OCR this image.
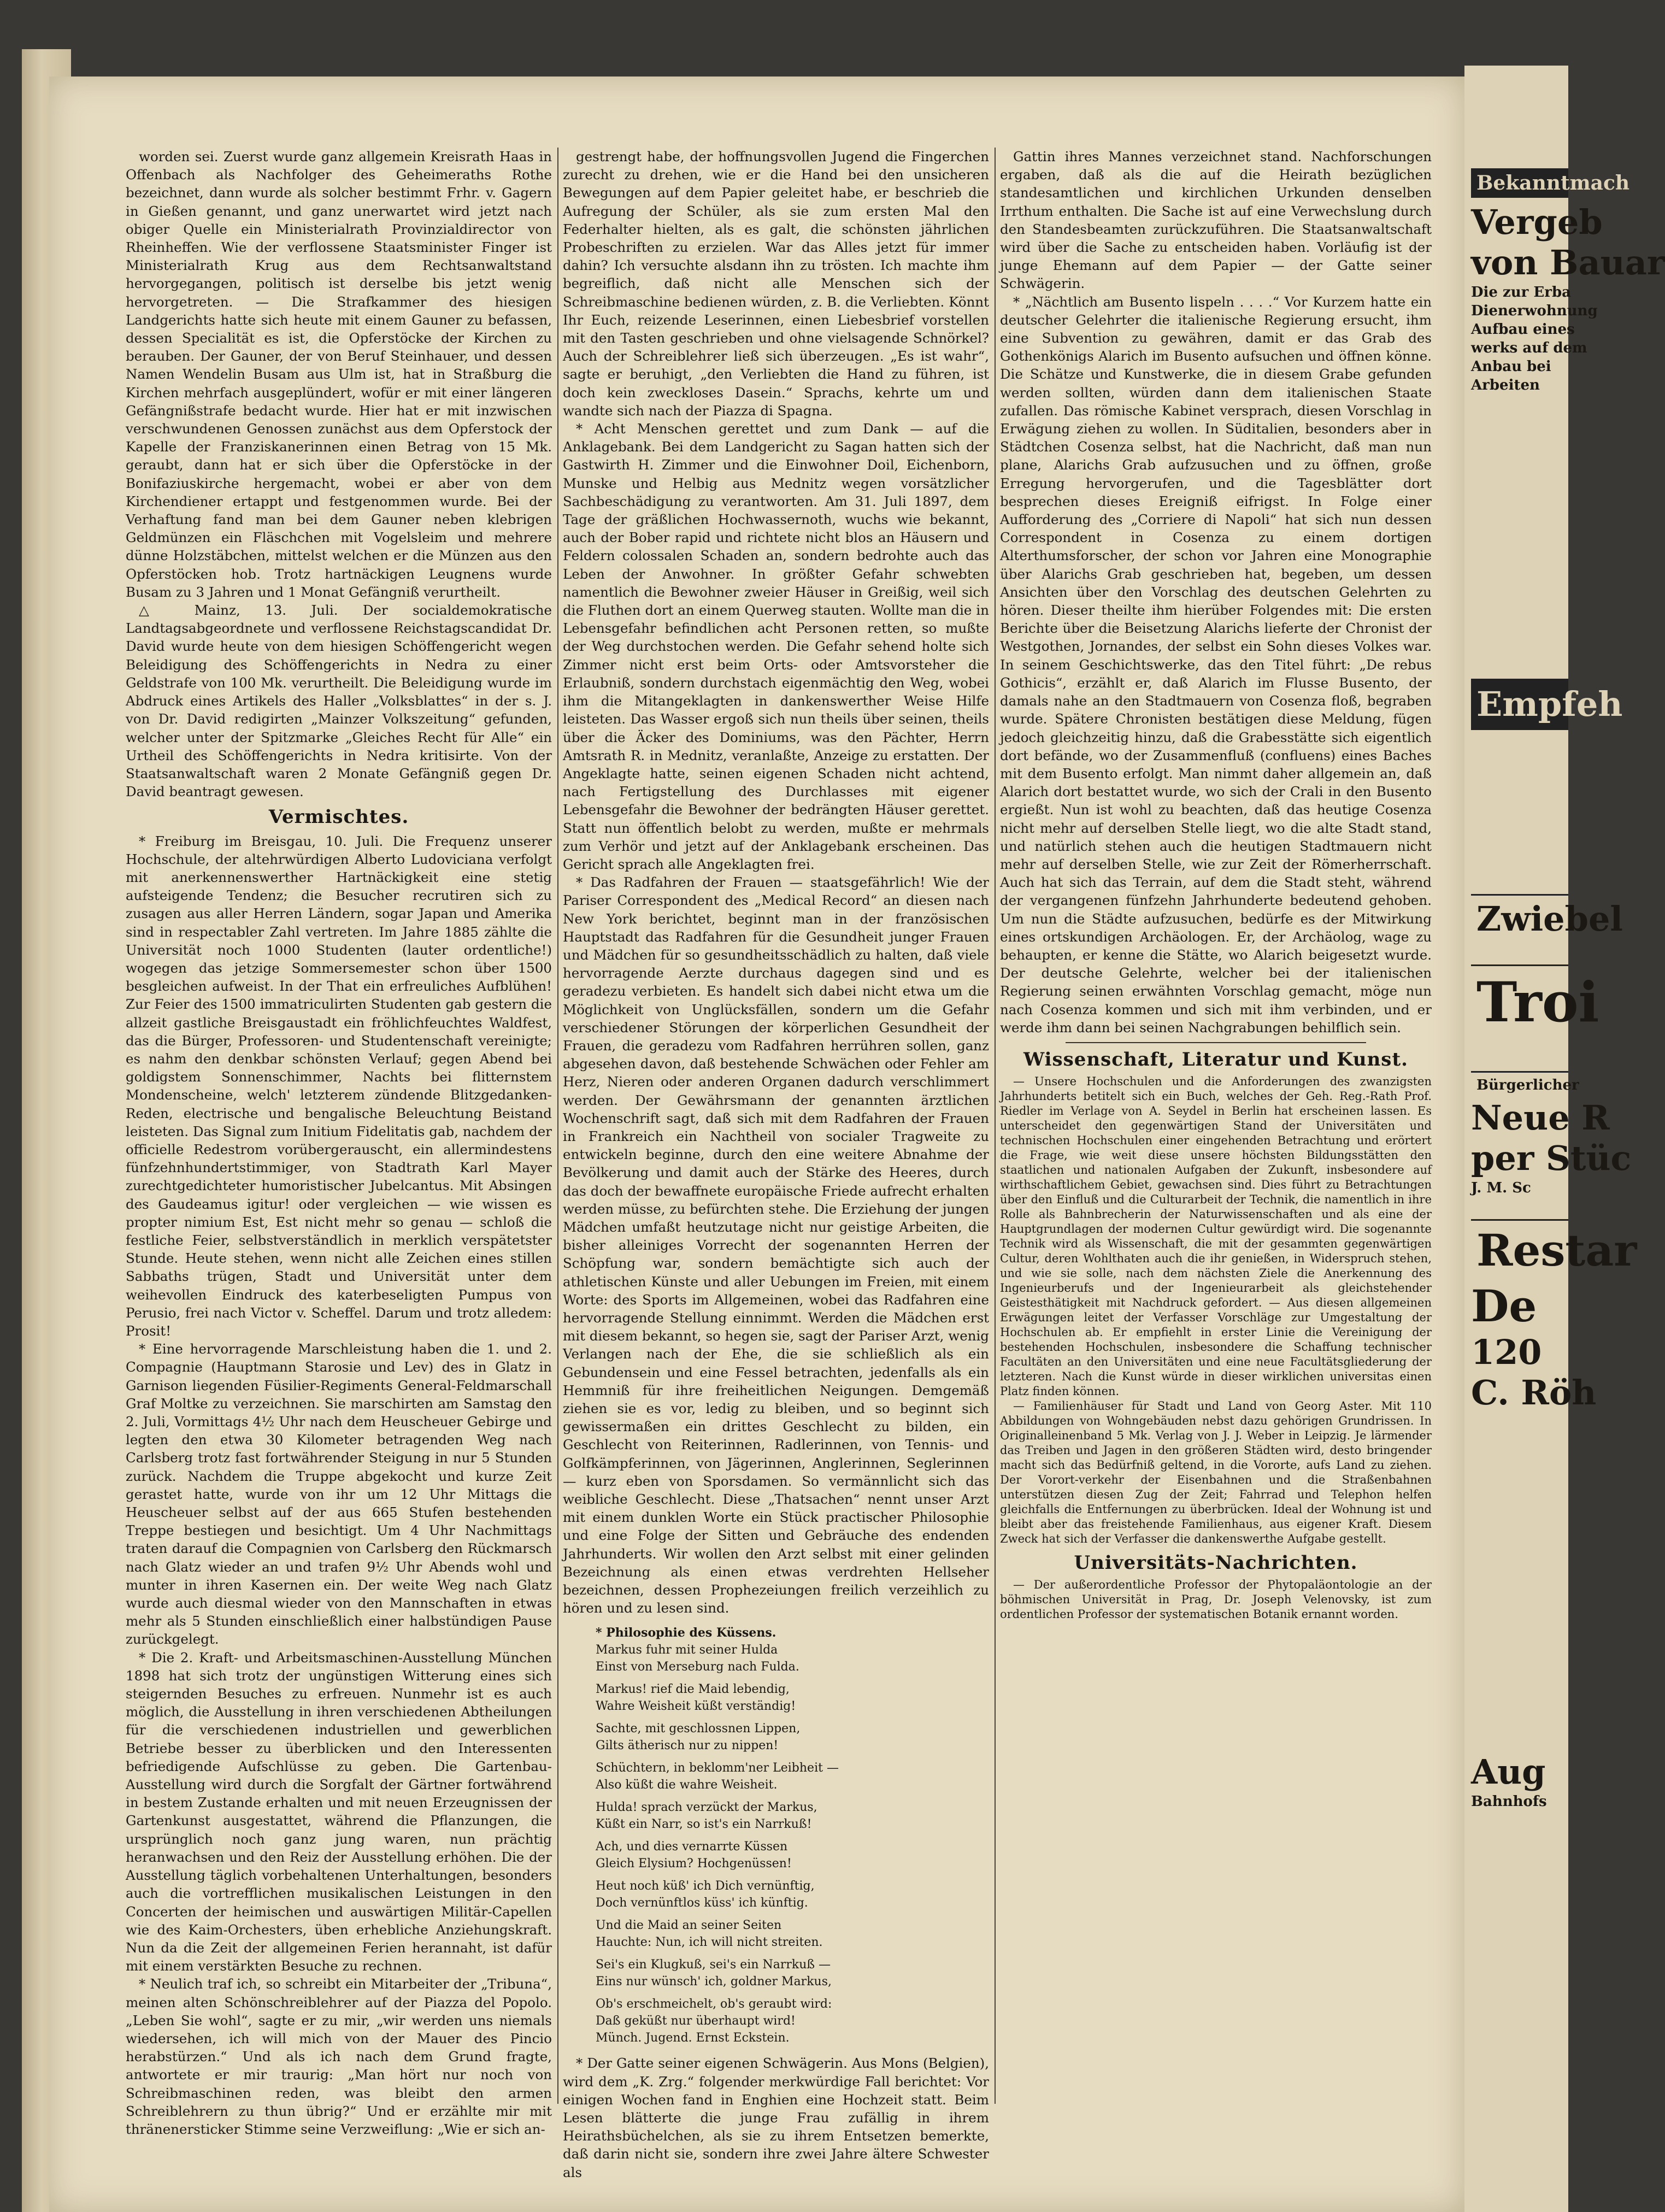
worden sei. Zuerst wurde ganz allgemein Kreisrath Haas in Offenbach als Nachfolger des Geheimeraths Rothe bezeichnet, dann wurde als solcher bestimmt Frhr. v. Gagern in Gießen genannt, und ganz unerwartet wird jetzt nach obiger Quelle ein Ministerialrath Provinzialdirector von Rheinheffen. Wie der verflossene Staatsminister Finger ist Ministerialrath Krug aus dem Rechtsanwaltstand hervorgegangen, politisch ist derselbe bis jetzt wenig hervorgetreten. — Die Strafkammer des hiesigen Landgerichts hatte sich heute mit einem Gauner zu befassen, dessen Specialität es ist, die Opferstöcke der Kirchen zu berauben. Der Gauner, der von Beruf Steinhauer, und dessen Namen Wendelin Busam aus Ulm ist, hat in Straßburg die Kirchen mehrfach ausgeplündert, wofür er mit einer längeren Gefängnißstrafe bedacht wurde. Hier hat er mit inzwischen verschwundenen Genossen zunächst aus dem Opferstock der Kapelle der Franziskanerinnen einen Betrag von 15 Mk. geraubt, dann hat er sich über die Opferstöcke in der Bonifaziuskirche hergemacht, wobei er aber von dem Kirchendiener ertappt und festgenommen wurde. Bei der Verhaftung fand man bei dem Gauner neben klebrigen Geldmünzen ein Fläschchen mit Vogelsleim und mehrere dünne Holzstäbchen, mittelst welchen er die Münzen aus den Opferstöcken hob. Trotz hartnäckigen Leugnens wurde Busam zu 3 Jahren und 1 Monat Gefängniß verurtheilt.

△ Mainz, 13. Juli. Der socialdemokratische Landtagsabgeordnete und verflossene Reichstagscandidat Dr. David wurde heute von dem hiesigen Schöffengericht wegen Beleidigung des Schöffengerichts in Nedra zu einer Geldstrafe von 100 Mk. verurtheilt. Die Beleidigung wurde im Abdruck eines Artikels des Haller „Volksblattes“ in der s. J. von Dr. David redigirten „Mainzer Volkszeitung“ gefunden, welcher unter der Spitzmarke „Gleiches Recht für Alle“ ein Urtheil des Schöffengerichts in Nedra kritisirte. Von der Staatsanwaltschaft waren 2 Monate Gefängniß gegen Dr. David beantragt gewesen.

Vermischtes.

* Freiburg im Breisgau, 10. Juli. Die Frequenz unserer Hochschule, der altehrwürdigen Alberto Ludoviciana verfolgt mit anerkennenswerther Hartnäckigkeit eine stetig aufsteigende Tendenz; die Besucher recrutiren sich zu zusagen aus aller Herren Ländern, sogar Japan und Amerika sind in respectabler Zahl vertreten. Im Jahre 1885 zählte die Universität noch 1000 Studenten (lauter ordentliche!) wogegen das jetzige Sommersemester schon über 1500 besgleichen aufweist. In der That ein erfreuliches Aufblühen! Zur Feier des 1500 immatriculirten Studenten gab gestern die allzeit gastliche Breisgaustadt ein fröhlichfeuchtes Waldfest, das die Bürger, Professoren- und Studentenschaft vereinigte; es nahm den denkbar schönsten Verlauf; gegen Abend bei goldigstem Sonnenschimmer, Nachts bei flitternstem Mondenscheine, welch' letzterem zündende Blitzgedanken-Reden, electrische und bengalische Beleuchtung Beistand leisteten. Das Signal zum Initium Fidelitatis gab, nachdem der officielle Redestrom vorübergerauscht, ein allermindestens fünfzehnhundertstimmiger, von Stadtrath Karl Mayer zurechtgedichteter humoristischer Jubelcantus. Mit Absingen des Gaudeamus igitur! oder vergleichen — wie wissen es propter nimium Est, Est nicht mehr so genau — schloß die festliche Feier, selbstverständlich in merklich verspätetster Stunde. Heute stehen, wenn nicht alle Zeichen eines stillen Sabbaths trügen, Stadt und Universität unter dem weihevollen Eindruck des katerbeseligten Pumpus von Perusio, frei nach Victor v. Scheffel. Darum und trotz alledem: Prosit!

* Eine hervorragende Marschleistung haben die 1. und 2. Compagnie (Hauptmann Starosie und Lev) des in Glatz in Garnison liegenden Füsilier-Regiments General-Feldmarschall Graf Moltke zu verzeichnen. Sie marschirten am Samstag den 2. Juli, Vormittags 4½ Uhr nach dem Heuscheuer Gebirge und legten den etwa 30 Kilometer betragenden Weg nach Carlsberg trotz fast fortwährender Steigung in nur 5 Stunden zurück. Nachdem die Truppe abgekocht und kurze Zeit gerastet hatte, wurde von ihr um 12 Uhr Mittags die Heuscheuer selbst auf der aus 665 Stufen bestehenden Treppe bestiegen und besichtigt. Um 4 Uhr Nachmittags traten darauf die Compagnien von Carlsberg den Rückmarsch nach Glatz wieder an und trafen 9½ Uhr Abends wohl und munter in ihren Kasernen ein. Der weite Weg nach Glatz wurde auch diesmal wieder von den Mannschaften in etwas mehr als 5 Stunden einschließlich einer halbstündigen Pause zurückgelegt.

* Die 2. Kraft- und Arbeitsmaschinen-Ausstellung München 1898 hat sich trotz der ungünstigen Witterung eines sich steigernden Besuches zu erfreuen. Nunmehr ist es auch möglich, die Ausstellung in ihren verschiedenen Abtheilungen für die verschiedenen industriellen und gewerblichen Betriebe besser zu überblicken und den Interessenten befriedigende Aufschlüsse zu geben. Die Gartenbau-Ausstellung wird durch die Sorgfalt der Gärtner fortwährend in bestem Zustande erhalten und mit neuen Erzeugnissen der Gartenkunst ausgestattet, während die Pflanzungen, die ursprünglich noch ganz jung waren, nun prächtig heranwachsen und den Reiz der Ausstellung erhöhen. Die der Ausstellung täglich vorbehaltenen Unterhaltungen, besonders auch die vortrefflichen musikalischen Leistungen in den Concerten der heimischen und auswärtigen Militär-Capellen wie des Kaim-Orchesters, üben erhebliche Anziehungskraft. Nun da die Zeit der allgemeinen Ferien herannaht, ist dafür mit einem verstärkten Besuche zu rechnen.

* Neulich traf ich, so schreibt ein Mitarbeiter der „Tribuna“, meinen alten Schönschreiblehrer auf der Piazza del Popolo. „Leben Sie wohl“, sagte er zu mir, „wir werden uns niemals wiedersehen, ich will mich von der Mauer des Pincio herabstürzen.“ Und als ich nach dem Grund fragte, antwortete er mir traurig: „Man hört nur noch von Schreibmaschinen reden, was bleibt den armen Schreiblehrern zu thun übrig?“ Und er erzählte mir mit thränenersticker Stimme seine Verzweiflung: „Wie er sich an-

gestrengt habe, der hoffnungsvollen Jugend die Fingerchen zurecht zu drehen, wie er die Hand bei den unsicheren Bewegungen auf dem Papier geleitet habe, er beschrieb die Aufregung der Schüler, als sie zum ersten Mal den Federhalter hielten, als es galt, die schönsten jährlichen Probeschriften zu erzielen. War das Alles jetzt für immer dahin? Ich versuchte alsdann ihn zu trösten. Ich machte ihm begreiflich, daß nicht alle Menschen sich der Schreibmaschine bedienen würden, z. B. die Verliebten. Könnt Ihr Euch, reizende Leserinnen, einen Liebesbrief vorstellen mit den Tasten geschrieben und ohne vielsagende Schnörkel? Auch der Schreiblehrer ließ sich überzeugen. „Es ist wahr“, sagte er beruhigt, „den Verliebten die Hand zu führen, ist doch kein zweckloses Dasein.“ Sprachs, kehrte um und wandte sich nach der Piazza di Spagna.

* Acht Menschen gerettet und zum Dank — auf die Anklagebank. Bei dem Landgericht zu Sagan hatten sich der Gastwirth H. Zimmer und die Einwohner Doil, Eichenborn, Munske und Helbig aus Mednitz wegen vorsätzlicher Sachbeschädigung zu verantworten. Am 31. Juli 1897, dem Tage der gräßlichen Hochwassernoth, wuchs wie bekannt, auch der Bober rapid und richtete nicht blos an Häusern und Feldern colossalen Schaden an, sondern bedrohte auch das Leben der Anwohner. In größter Gefahr schwebten namentlich die Bewohner zweier Häuser in Greißig, weil sich die Fluthen dort an einem Querweg stauten. Wollte man die in Lebensgefahr befindlichen acht Personen retten, so mußte der Weg durchstochen werden. Die Gefahr sehend holte sich Zimmer nicht erst beim Orts- oder Amtsvorsteher die Erlaubniß, sondern durchstach eigenmächtig den Weg, wobei ihm die Mitangeklagten in dankenswerther Weise Hilfe leisteten. Das Wasser ergoß sich nun theils über seinen, theils über die Äcker des Dominiums, was den Pächter, Herrn Amtsrath R. in Mednitz, veranlaßte, Anzeige zu erstatten. Der Angeklagte hatte, seinen eigenen Schaden nicht achtend, nach Fertigstellung des Durchlasses mit eigener Lebensgefahr die Bewohner der bedrängten Häuser gerettet. Statt nun öffentlich belobt zu werden, mußte er mehrmals zum Verhör und jetzt auf der Anklagebank erscheinen. Das Gericht sprach alle Angeklagten frei.

* Das Radfahren der Frauen — staatsgefährlich! Wie der Pariser Correspondent des „Medical Record“ an diesen nach New York berichtet, beginnt man in der französischen Hauptstadt das Radfahren für die Gesundheit junger Frauen und Mädchen für so gesundheitsschädlich zu halten, daß viele hervorragende Aerzte durchaus dagegen sind und es geradezu verbieten. Es handelt sich dabei nicht etwa um die Möglichkeit von Unglücksfällen, sondern um die Gefahr verschiedener Störungen der körperlichen Gesundheit der Frauen, die geradezu vom Radfahren herrühren sollen, ganz abgesehen davon, daß bestehende Schwächen oder Fehler am Herz, Nieren oder anderen Organen dadurch verschlimmert werden. Der Gewährsmann der genannten ärztlichen Wochenschrift sagt, daß sich mit dem Radfahren der Frauen in Frankreich ein Nachtheil von socialer Tragweite zu entwickeln beginne, durch den eine weitere Abnahme der Bevölkerung und damit auch der Stärke des Heeres, durch das doch der bewaffnete europäische Friede aufrecht erhalten werden müsse, zu befürchten stehe. Die Erziehung der jungen Mädchen umfaßt heutzutage nicht nur geistige Arbeiten, die bisher alleiniges Vorrecht der sogenannten Herren der Schöpfung war, sondern bemächtigte sich auch der athletischen Künste und aller Uebungen im Freien, mit einem Worte: des Sports im Allgemeinen, wobei das Radfahren eine hervorragende Stellung einnimmt. Werden die Mädchen erst mit diesem bekannt, so hegen sie, sagt der Pariser Arzt, wenig Verlangen nach der Ehe, die sie schließlich als ein Gebundensein und eine Fessel betrachten, jedenfalls als ein Hemmniß für ihre freiheitlichen Neigungen. Demgemäß ziehen sie es vor, ledig zu bleiben, und so beginnt sich gewissermaßen ein drittes Geschlecht zu bilden, ein Geschlecht von Reiterinnen, Radlerinnen, von Tennis- und Golfkämpferinnen, von Jägerinnen, Anglerinnen, Seglerinnen — kurz eben von Sporsdamen. So vermännlicht sich das weibliche Geschlecht. Diese „Thatsachen“ nennt unser Arzt mit einem dunklen Worte ein Stück practischer Philosophie und eine Folge der Sitten und Gebräuche des endenden Jahrhunderts. Wir wollen den Arzt selbst mit einer gelinden Bezeichnung als einen etwas verdrehten Hellseher bezeichnen, dessen Prophezeiungen freilich verzeihlich zu hören und zu lesen sind.

* Philosophie des Küssens.
Markus fuhr mit seiner Hulda
Einst von Merseburg nach Fulda.

Markus! rief die Maid lebendig,
Wahre Weisheit küßt verständig!

Sachte, mit geschlossnen Lippen,
Gilts ätherisch nur zu nippen!

Schüchtern, in beklomm'ner Leibheit —
Also küßt die wahre Weisheit.

Hulda! sprach verzückt der Markus,
Küßt ein Narr, so ist's ein Narrkuß!

Ach, und dies vernarrte Küssen
Gleich Elysium? Hochgenüssen!

Heut noch küß' ich Dich vernünftig,
Doch vernünftlos küss' ich künftig.

Und die Maid an seiner Seiten
Hauchte: Nun, ich will nicht streiten.

Sei's ein Klugkuß, sei's ein Narrkuß —
Eins nur wünsch' ich, goldner Markus,

Ob's erschmeichelt, ob's geraubt wird:
Daß geküßt nur überhaupt wird!
Münch. Jugend. Ernst Eckstein.

* Der Gatte seiner eigenen Schwägerin. Aus Mons (Belgien), wird dem „K. Zrg.“ folgender merkwürdige Fall berichtet: Vor einigen Wochen fand in Enghien eine Hochzeit statt. Beim Lesen blätterte die junge Frau zufällig in ihrem Heirathsbüchelchen, als sie zu ihrem Entsetzen bemerkte, daß darin nicht sie, sondern ihre zwei Jahre ältere Schwester als

Gattin ihres Mannes verzeichnet stand. Nachforschungen ergaben, daß als die auf die Heirath bezüglichen standesamtlichen und kirchlichen Urkunden denselben Irrthum enthalten. Die Sache ist auf eine Verwechslung durch den Standesbeamten zurückzuführen. Die Staatsanwaltschaft wird über die Sache zu entscheiden haben. Vorläufig ist der junge Ehemann auf dem Papier — der Gatte seiner Schwägerin.

* „Nächtlich am Busento lispeln . . . .“ Vor Kurzem hatte ein deutscher Gelehrter die italienische Regierung ersucht, ihm eine Subvention zu gewähren, damit er das Grab des Gothenkönigs Alarich im Busento aufsuchen und öffnen könne. Die Schätze und Kunstwerke, die in diesem Grabe gefunden werden sollten, würden dann dem italienischen Staate zufallen. Das römische Kabinet versprach, diesen Vorschlag in Erwägung ziehen zu wollen. In Süditalien, besonders aber in Städtchen Cosenza selbst, hat die Nachricht, daß man nun plane, Alarichs Grab aufzusuchen und zu öffnen, große Erregung hervorgerufen, und die Tagesblätter dort besprechen dieses Ereigniß eifrigst. In Folge einer Aufforderung des „Corriere di Napoli“ hat sich nun dessen Correspondent in Cosenza zu einem dortigen Alterthumsforscher, der schon vor Jahren eine Monographie über Alarichs Grab geschrieben hat, begeben, um dessen Ansichten über den Vorschlag des deutschen Gelehrten zu hören. Dieser theilte ihm hierüber Folgendes mit: Die ersten Berichte über die Beisetzung Alarichs lieferte der Chronist der Westgothen, Jornandes, der selbst ein Sohn dieses Volkes war. In seinem Geschichtswerke, das den Titel führt: „De rebus Gothicis“, erzählt er, daß Alarich im Flusse Busento, der damals nahe an den Stadtmauern von Cosenza floß, begraben wurde. Spätere Chronisten bestätigen diese Meldung, fügen jedoch gleichzeitig hinzu, daß die Grabesstätte sich eigentlich dort befände, wo der Zusammenfluß (confluens) eines Baches mit dem Busento erfolgt. Man nimmt daher allgemein an, daß Alarich dort bestattet wurde, wo sich der Crali in den Busento ergießt. Nun ist wohl zu beachten, daß das heutige Cosenza nicht mehr auf derselben Stelle liegt, wo die alte Stadt stand, und natürlich stehen auch die heutigen Stadtmauern nicht mehr auf derselben Stelle, wie zur Zeit der Römerherrschaft. Auch hat sich das Terrain, auf dem die Stadt steht, während der vergangenen fünfzehn Jahrhunderte bedeutend gehoben. Um nun die Städte aufzusuchen, bedürfe es der Mitwirkung eines ortskundigen Archäologen. Er, der Archäolog, wage zu behaupten, er kenne die Stätte, wo Alarich beigesetzt wurde. Der deutsche Gelehrte, welcher bei der italienischen Regierung seinen erwähnten Vorschlag gemacht, möge nun nach Cosenza kommen und sich mit ihm verbinden, und er werde ihm dann bei seinen Nachgrabungen behilflich sein.

Wissenschaft, Literatur und Kunst.

— Unsere Hochschulen und die Anforderungen des zwanzigsten Jahrhunderts betitelt sich ein Buch, welches der Geh. Reg.-Rath Prof. Riedler im Verlage von A. Seydel in Berlin hat erscheinen lassen. Es unterscheidet den gegenwärtigen Stand der Universitäten und technischen Hochschulen einer eingehenden Betrachtung und erörtert die Frage, wie weit diese unsere höchsten Bildungsstätten den staatlichen und nationalen Aufgaben der Zukunft, insbesondere auf wirthschaftlichem Gebiet, gewachsen sind. Dies führt zu Betrachtungen über den Einfluß und die Culturarbeit der Technik, die namentlich in ihre Rolle als Bahnbrecherin der Naturwissenschaften und als eine der Hauptgrundlagen der modernen Cultur gewürdigt wird. Die sogenannte Technik wird als Wissenschaft, die mit der gesammten gegenwärtigen Cultur, deren Wohlthaten auch die ihr genießen, in Widerspruch stehen, und wie sie solle, nach dem nächsten Ziele die Anerkennung des Ingenieurberufs und der Ingenieurarbeit als gleichstehender Geistesthätigkeit mit Nachdruck gefordert. — Aus diesen allgemeinen Erwägungen leitet der Verfasser Vorschläge zur Umgestaltung der Hochschulen ab. Er empfiehlt in erster Linie die Vereinigung der bestehenden Hochschulen, insbesondere die Schaffung technischer Facultäten an den Universitäten und eine neue Facultätsgliederung der letzteren. Nach die Kunst würde in dieser wirklichen universitas einen Platz finden können.

— Familienhäuser für Stadt und Land von Georg Aster. Mit 110 Abbildungen von Wohngebäuden nebst dazu gehörigen Grundrissen. In Originalleinenband 5 Mk. Verlag von J. J. Weber in Leipzig. Je lärmender das Treiben und Jagen in den größeren Städten wird, desto bringender macht sich das Bedürfniß geltend, in die Vororte, aufs Land zu ziehen. Der Vorort-verkehr der Eisenbahnen und die Straßenbahnen unterstützen diesen Zug der Zeit; Fahrrad und Telephon helfen gleichfalls die Entfernungen zu überbrücken. Ideal der Wohnung ist und bleibt aber das freistehende Familienhaus, aus eigener Kraft. Diesem Zweck hat sich der Verfasser die dankenswerthe Aufgabe gestellt.

Universitäts-Nachrichten.

— Der außerordentliche Professor der Phytopaläontologie an der böhmischen Universität in Prag, Dr. Joseph Velenovsky, ist zum ordentlichen Professor der systematischen Botanik ernannt worden.

Bekanntmach
Vergeb
von Bauar
Die zur Erba
Dienerwohnung
Aufbau eines
werks auf dem
Anbau bei
Arbeiten
Empfeh
Zwiebel
Troi
Bürgerlicher
Neue R
per Stüc
J. M. Sc
Restar
De
120
C. Röh
Aug
Bahnhofs
